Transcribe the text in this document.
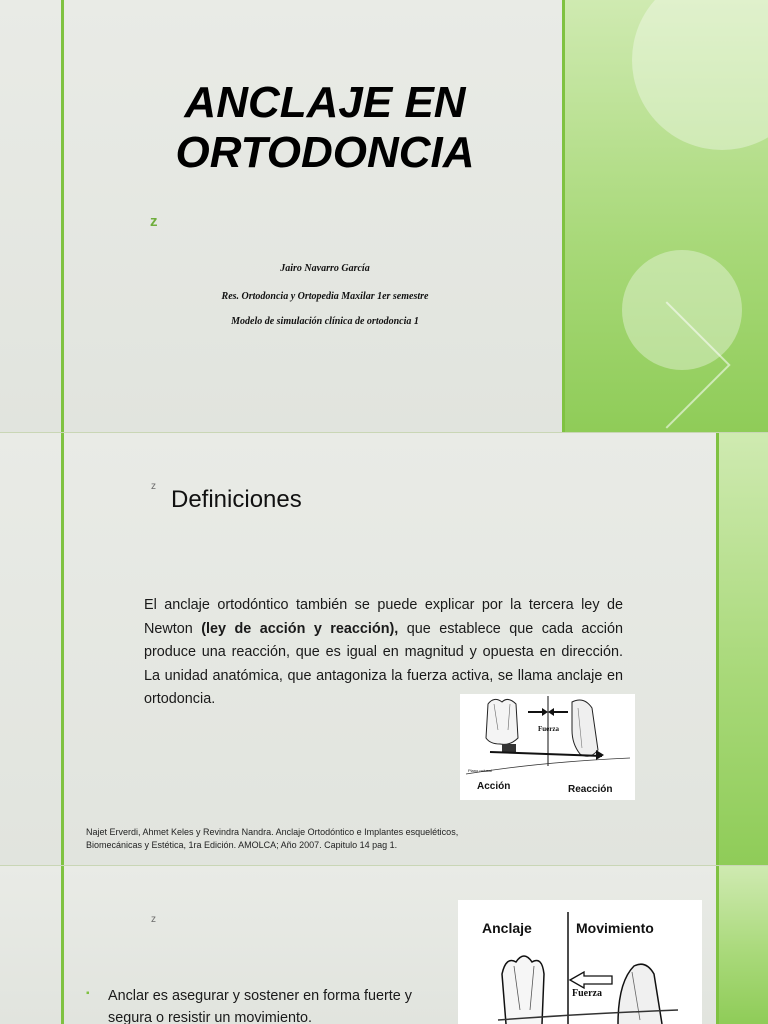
ANCLAJE EN
ORTODONCIA
z
Jairo Navarro García
Res. Ortodoncia y Ortopedia Maxilar 1er semestre
Modelo de simulación clínica de ortodoncia 1
z Definiciones
El anclaje ortodóntico también se puede explicar por la tercera ley de Newton (ley de acción y reacción), que establece que cada acción produce una reacción, que es igual en magnitud y opuesta en dirección. La unidad anatómica, que antagoniza la fuerza activa, se llama anclaje en ortodoncia.
Fuerza
Plano oclusal
Acción	Reacción
Najet Erverdi, Ahmet Keles y Revindra Nandra. Anclaje Ortodóntico e Implantes esqueléticos,
Biomecánicas y Estética, 1ra Edición. AMOLCA; Año 2007. Capitulo 14 pag 1.
z
Anclaje	Movimiento
Fuerza
▪ Anclar es asegurar y sostener en forma fuerte y segura o resistir un movimiento.
